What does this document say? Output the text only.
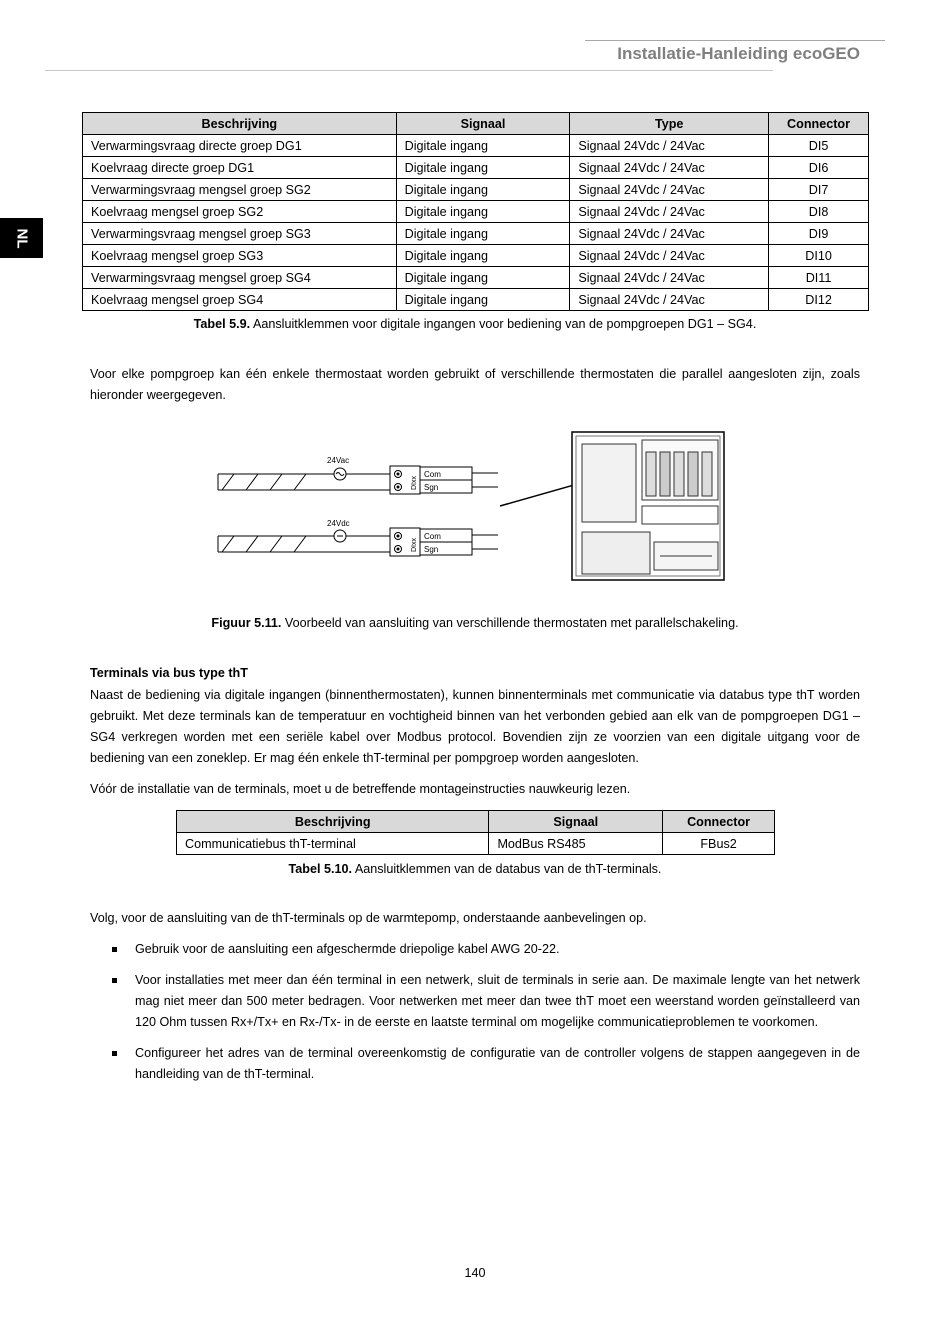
Installatie-Hanleiding ecoGEO
NL
Beschrijving	Signaal	Type	Connector
Verwarmingsvraag directe groep DG1	Digitale ingang	Signaal 24Vdc / 24Vac	DI5
Koelvraag directe groep DG1	Digitale ingang	Signaal 24Vdc / 24Vac	DI6
Verwarmingsvraag mengsel groep SG2	Digitale ingang	Signaal 24Vdc / 24Vac	DI7
Koelvraag mengsel groep SG2	Digitale ingang	Signaal 24Vdc / 24Vac	DI8
Verwarmingsvraag mengsel groep SG3	Digitale ingang	Signaal 24Vdc / 24Vac	DI9
Koelvraag mengsel groep SG3	Digitale ingang	Signaal 24Vdc / 24Vac	DI10
Verwarmingsvraag mengsel groep SG4	Digitale ingang	Signaal 24Vdc / 24Vac	DI11
Koelvraag mengsel groep SG4	Digitale ingang	Signaal 24Vdc / 24Vac	DI12
Tabel 5.9. Aansluitklemmen voor digitale ingangen voor bediening van de pompgroepen DG1 – SG4.
Voor elke pompgroep kan één enkele thermostaat worden gebruikt of verschillende thermostaten die parallel aangesloten zijn, zoals hieronder weergegeven.
24Vac
DIxx
Com
Sgn
24Vdc
DIxx
Com
Sgn
Figuur 5.11. Voorbeeld van aansluiting van verschillende thermostaten met parallelschakeling.
Terminals via bus type thT
Naast de bediening via digitale ingangen (binnenthermostaten), kunnen binnenterminals met communicatie via databus type thT worden gebruikt. Met deze terminals kan de temperatuur en vochtigheid binnen van het verbonden gebied aan elk van de pompgroepen DG1 – SG4 verkregen worden met een seriële kabel over Modbus protocol. Bovendien zijn ze voorzien van een digitale uitgang voor de bediening van een zoneklep. Er mag één enkele thT-terminal per pompgroep worden aangesloten.
Vóór de installatie van de terminals, moet u de betreffende montageinstructies nauwkeurig lezen.
Beschrijving	Signaal	Connector
Communicatiebus thT-terminal	ModBus RS485	FBus2
Tabel 5.10. Aansluitklemmen van de databus van de thT-terminals.
Volg, voor de aansluiting van de thT-terminals op de warmtepomp, onderstaande aanbevelingen op.
Gebruik voor de aansluiting een afgeschermde driepolige kabel AWG 20-22.
Voor installaties met meer dan één terminal in een netwerk, sluit de terminals in serie aan. De maximale lengte van het netwerk mag niet meer dan 500 meter bedragen. Voor netwerken met meer dan twee thT moet een weerstand worden geïnstalleerd van 120 Ohm tussen Rx+/Tx+ en Rx-/Tx- in de eerste en laatste terminal om mogelijke communicatieproblemen te voorkomen.
Configureer het adres van de terminal overeenkomstig de configuratie van de controller volgens de stappen aangegeven in de handleiding van de thT-terminal.
140
